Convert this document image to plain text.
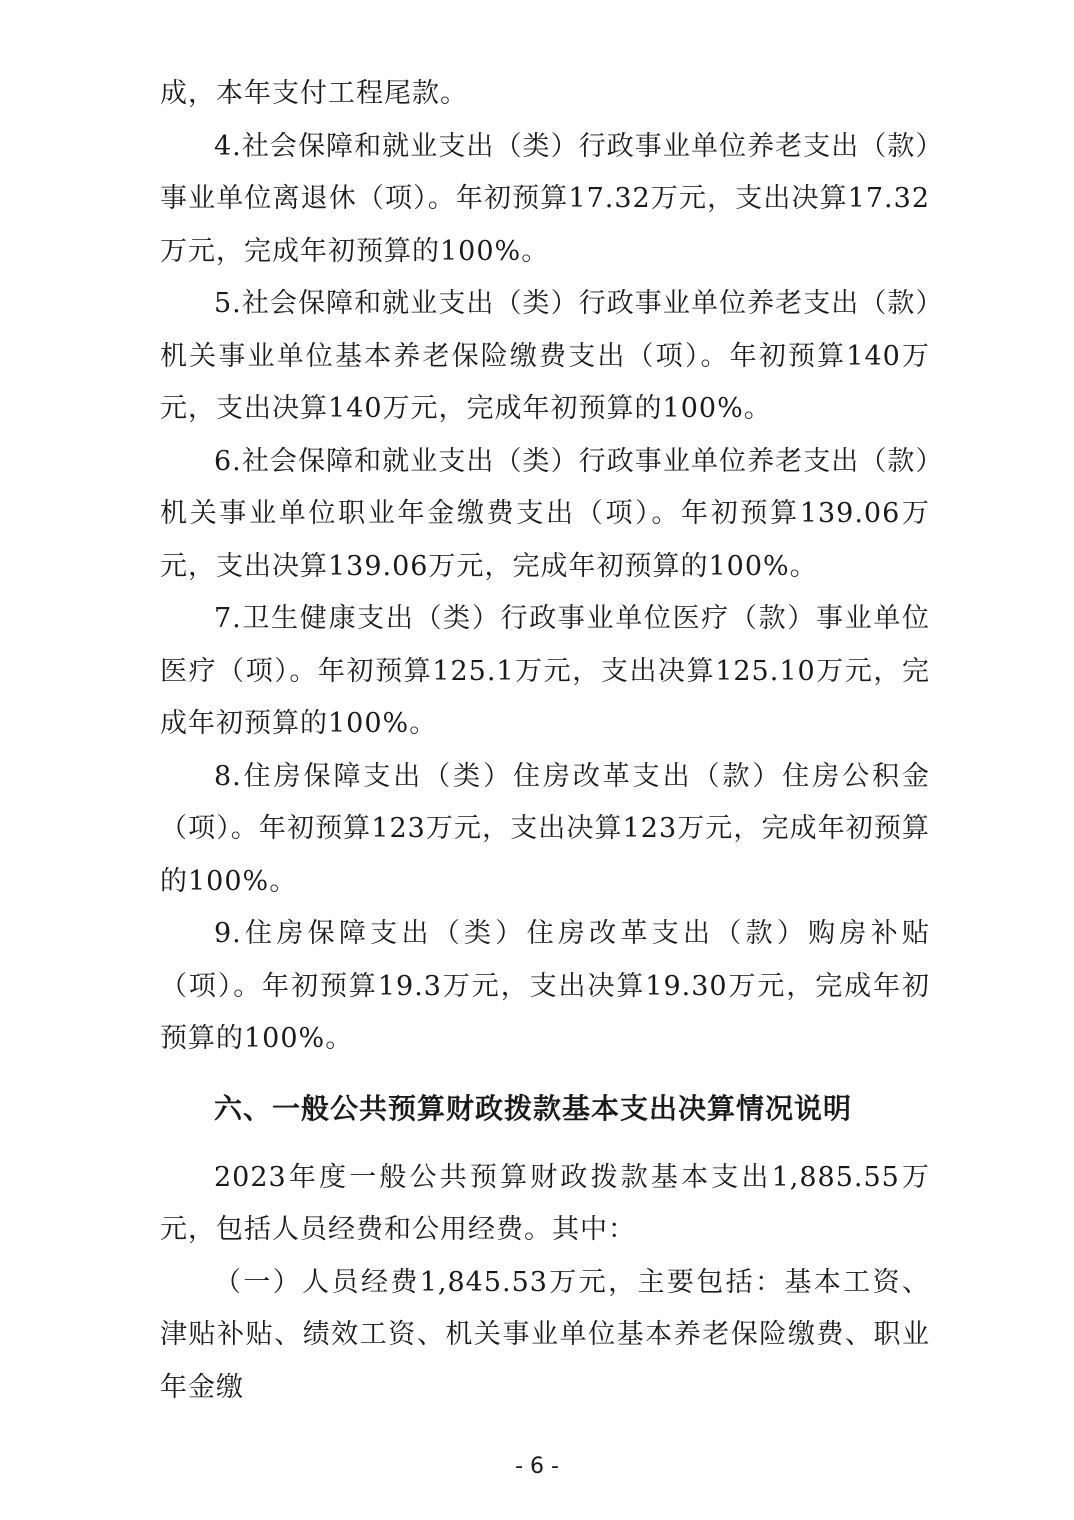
成，本年支付工程尾款。

4.社会保障和就业支出（类）行政事业单位养老支出（款）事业单位离退休（项）。年初预算17.32万元，支出决算17.32万元，完成年初预算的100%。

5.社会保障和就业支出（类）行政事业单位养老支出（款）机关事业单位基本养老保险缴费支出（项）。年初预算140万元，支出决算140万元，完成年初预算的100%。

6.社会保障和就业支出（类）行政事业单位养老支出（款）机关事业单位职业年金缴费支出（项）。年初预算139.06万元，支出决算139.06万元，完成年初预算的100%。

7.卫生健康支出（类）行政事业单位医疗（款）事业单位医疗（项）。年初预算125.1万元，支出决算125.10万元，完成年初预算的100%。

8.住房保障支出（类）住房改革支出（款）住房公积金（项）。年初预算123万元，支出决算123万元，完成年初预算的100%。

9.住房保障支出（类）住房改革支出（款）购房补贴（项）。年初预算19.3万元，支出决算19.30万元，完成年初预算的100%。

六、一般公共预算财政拨款基本支出决算情况说明

2023年度一般公共预算财政拨款基本支出1,885.55万元，包括人员经费和公用经费。其中：

（一）人员经费1,845.53万元，主要包括：基本工资、津贴补贴、绩效工资、机关事业单位基本养老保险缴费、职业年金缴

- 6 -
